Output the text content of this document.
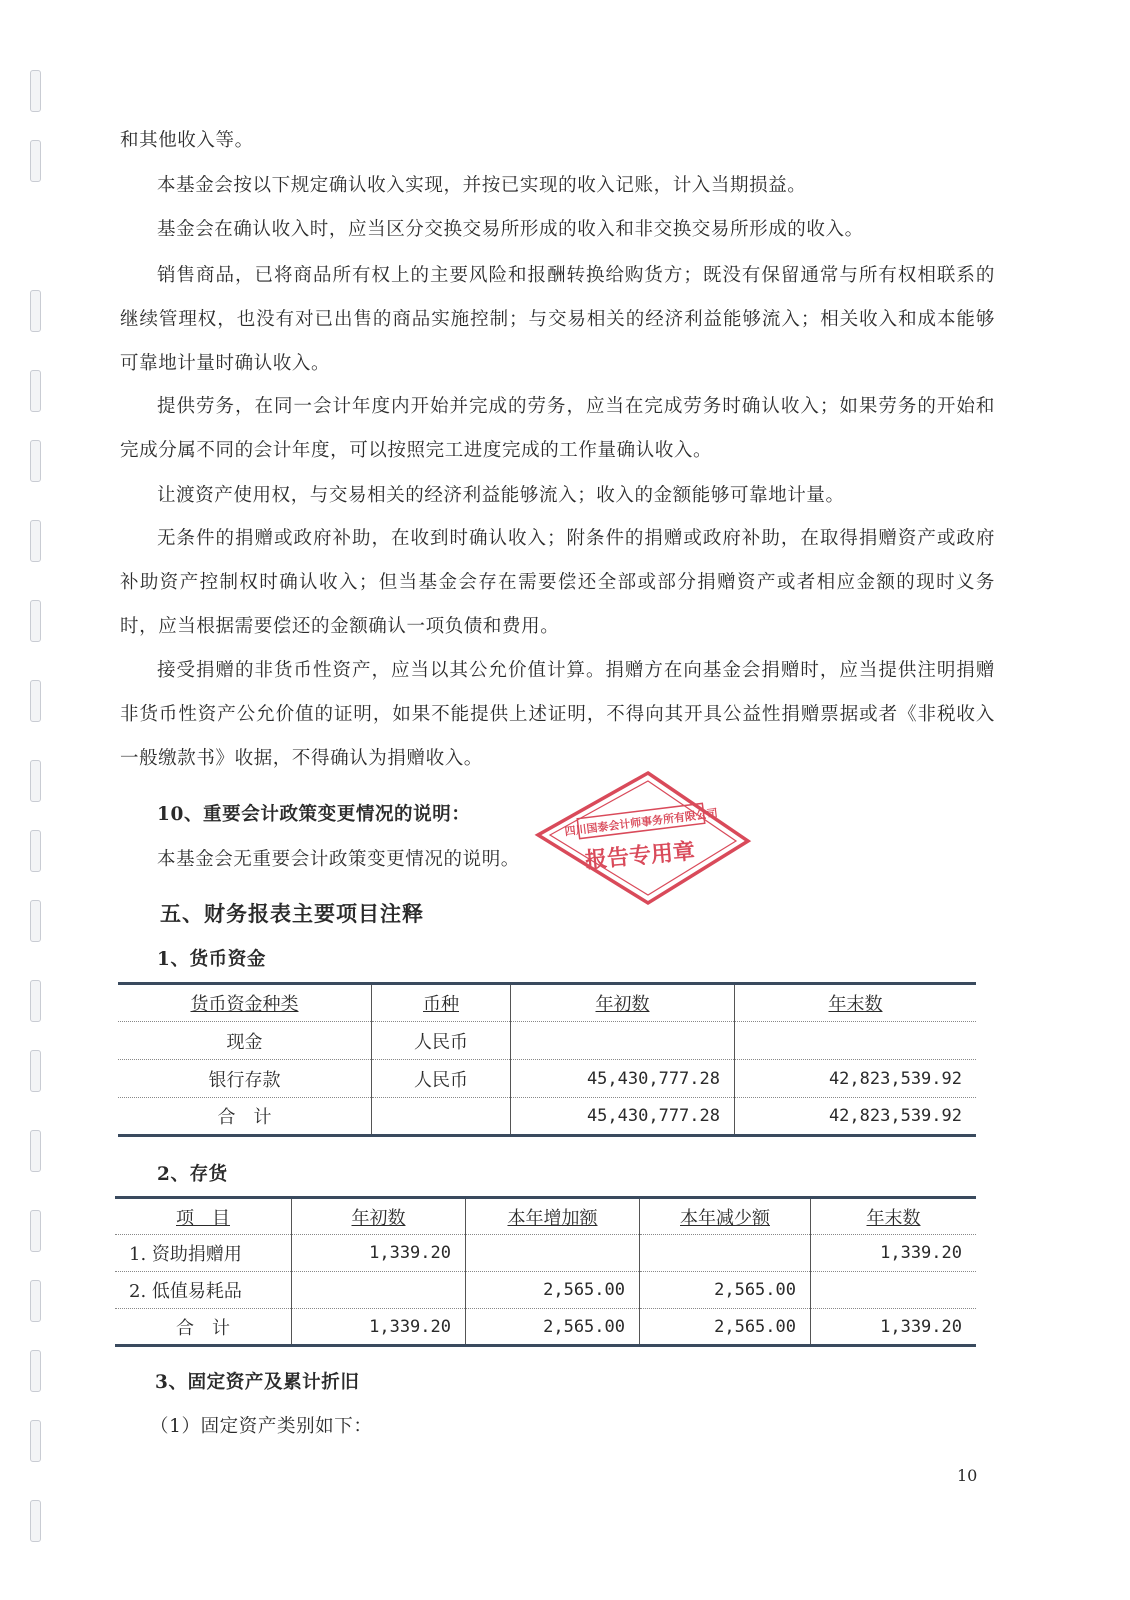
和其他收入等。

本基金会按以下规定确认收入实现，并按已实现的收入记账，计入当期损益。

基金会在确认收入时，应当区分交换交易所形成的收入和非交换交易所形成的收入。

销售商品，已将商品所有权上的主要风险和报酬转换给购货方；既没有保留通常与所有权相联系的继续管理权，也没有对已出售的商品实施控制；与交易相关的经济利益能够流入；相关收入和成本能够可靠地计量时确认收入。

提供劳务，在同一会计年度内开始并完成的劳务，应当在完成劳务时确认收入；如果劳务的开始和完成分属不同的会计年度，可以按照完工进度完成的工作量确认收入。

让渡资产使用权，与交易相关的经济利益能够流入；收入的金额能够可靠地计量。

无条件的捐赠或政府补助，在收到时确认收入；附条件的捐赠或政府补助，在取得捐赠资产或政府补助资产控制权时确认收入；但当基金会存在需要偿还全部或部分捐赠资产或者相应金额的现时义务时，应当根据需要偿还的金额确认一项负债和费用。

接受捐赠的非货币性资产，应当以其公允价值计算。捐赠方在向基金会捐赠时，应当提供注明捐赠非货币性资产公允价值的证明，如果不能提供上述证明，不得向其开具公益性捐赠票据或者《非税收入一般缴款书》收据，不得确认为捐赠收入。

10、重要会计政策变更情况的说明：

本基金会无重要会计政策变更情况的说明。

五、财务报表主要项目注释

1、货币资金

货币资金种类	币种	年初数	年末数
现金	人民币		
银行存款	人民币	45,430,777.28	42,823,539.92
合　计		45,430,777.28	42,823,539.92

2、存货

项　目	年初数	本年增加额	本年减少额	年末数
1. 资助捐赠用	1,339.20			1,339.20
2. 低值易耗品		2,565.00	2,565.00	
合　计	1,339.20	2,565.00	2,565.00	1,339.20

3、固定资产及累计折旧

（1）固定资产类别如下：

四川国泰会计师事务所有限公司
报告专用章

10
